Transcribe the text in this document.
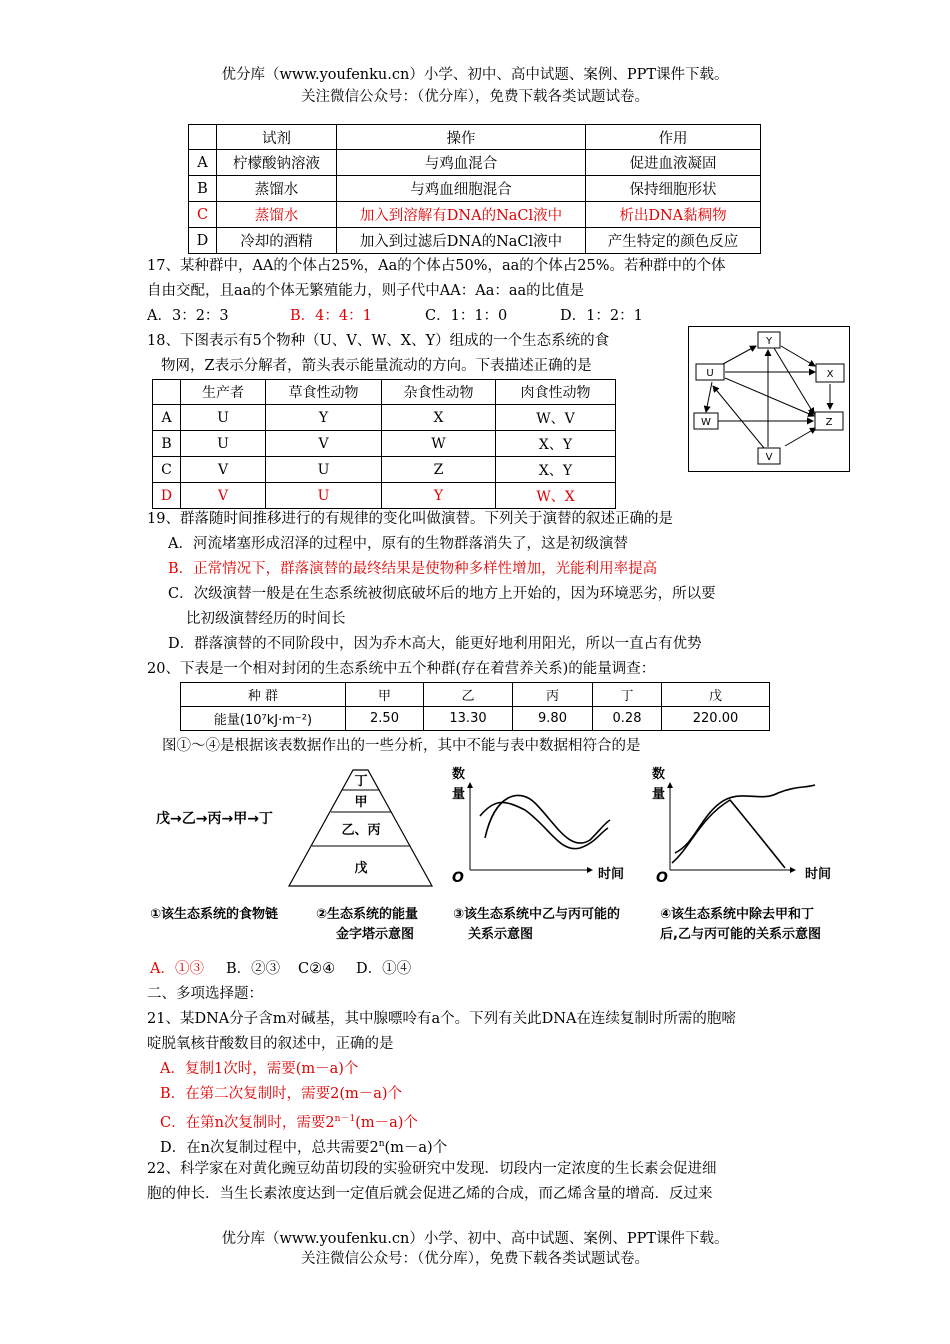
优分库（www.youfenku.cn）小学、初中、高中试题、案例、PPT课件下载。
关注微信公众号：（优分库），免费下载各类试题试卷。
	试剂	操作	作用
A	柠檬酸钠溶液	与鸡血混合	促进血液凝固
B	蒸馏水	与鸡血细胞混合	保持细胞形状
C	蒸馏水	加入到溶解有DNA的NaCl液中	析出DNA黏稠物
D	冷却的酒精	加入到过滤后DNA的NaCl液中	产生特定的颜色反应
17、某种群中，AA的个体占25%，Aa的个体占50%，aa的个体占25%。若种群中的个体
自由交配，且aa的个体无繁殖能力，则子代中AA：Aa：aa的比值是
A．3：2：3	B．4：4：1	C．1：1：0	D．1：2：1
18、下图表示有5个物种（U、V、W、X、Y）组成的一个生态系统的食
物网，Z表示分解者，箭头表示能量流动的方向。下表描述正确的是
	生产者	草食性动物	杂食性动物	肉食性动物
A	U	Y	X	W、V
B	U	V	W	X、Y
C	V	U	Z	X、Y
D	V	U	Y	W、X
Y
U	X
W	Z
V
19、群落随时间推移进行的有规律的变化叫做演替。下列关于演替的叙述正确的是
A．河流堵塞形成沼泽的过程中，原有的生物群落消失了，这是初级演替
B．正常情况下，群落演替的最终结果是使物种多样性增加，光能利用率提高
C．次级演替一般是在生态系统被彻底破坏后的地方上开始的，因为环境恶劣，所以要
比初级演替经历的时间长
D．群落演替的不同阶段中，因为乔木高大，能更好地利用阳光，所以一直占有优势
20、下表是一个相对封闭的生态系统中五个种群(存在着营养关系)的能量调查：
种 群	甲	乙	丙	丁	戊
能量(10⁷kJ·m⁻²)	2.50	13.30	9.80	0.28	220.00
图①～④是根据该表数据作出的一些分析，其中不能与表中数据相符合的是
戊→乙→丙→甲→丁
丁
甲
乙、丙
戊
数
量
O	时间
数
量
O	时间
①该生态系统的食物链	②生态系统的能量
金字塔示意图
③该生态系统中乙与丙可能的
关系示意图
④该生态系统中除去甲和丁
后,乙与丙可能的关系示意图
A．①③ B．②③ C②④ D．①④
二、多项选择题：
21、某DNA分子含m对碱基，其中腺嘌呤有a个。下列有关此DNA在连续复制时所需的胞嘧
啶脱氧核苷酸数目的叙述中，正确的是
A．复制1次时，需要(m－a)个
B．在第二次复制时，需要2(m－a)个
C．在第n次复制时，需要$2^{n-1}(m-a)$个
D．在n次复制过程中，总共需要$2^n(m-a)$个
22、科学家在对黄化豌豆幼苗切段的实验研究中发现．切段内一定浓度的生长素会促进细
胞的伸长．当生长素浓度达到一定值后就会促进乙烯的合成，而乙烯含量的增高．反过来
优分库（www.youfenku.cn）小学、初中、高中试题、案例、PPT课件下载。
关注微信公众号：（优分库），免费下载各类试题试卷。
